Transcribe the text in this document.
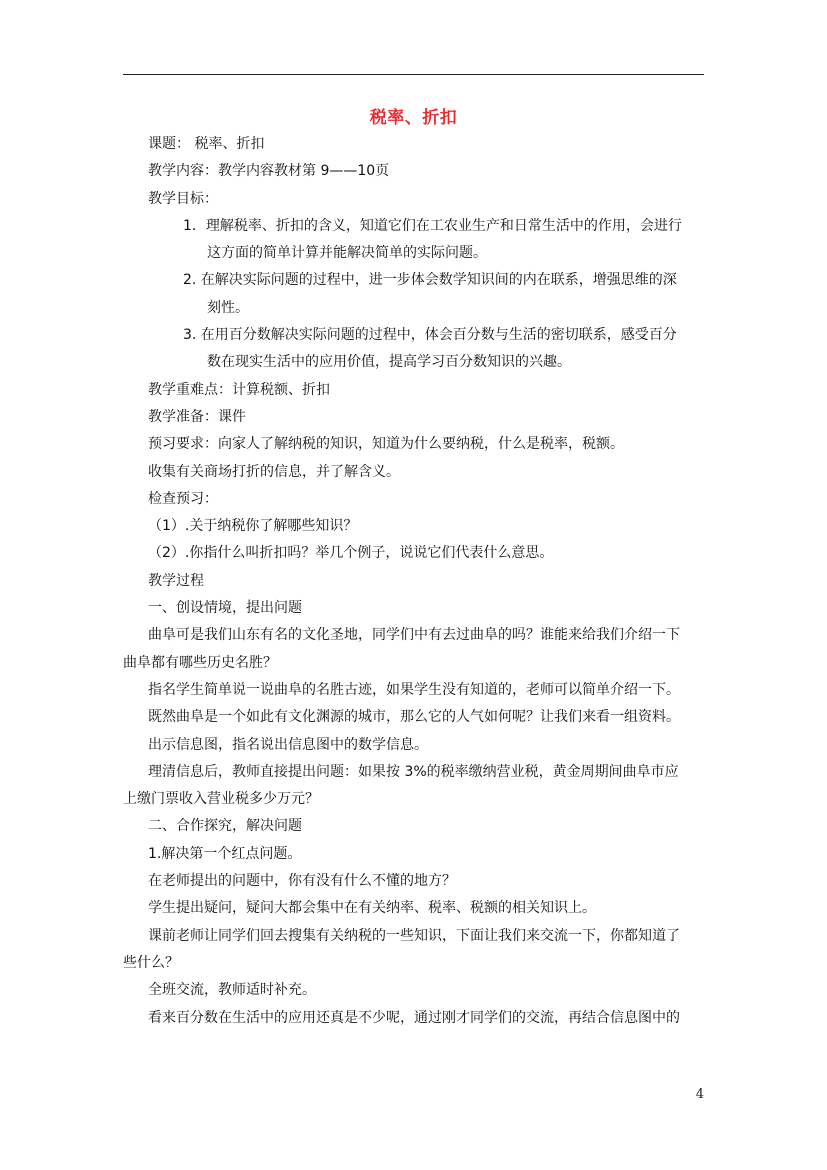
税率、折扣
课题： 税率、折扣
教学内容：教学内容教材第 9——10页
教学目标：
1．理解税率、折扣的含义，知道它们在工农业生产和日常生活中的作用，会进行
这方面的简单计算并能解决简单的实际问题。
2. 在解决实际问题的过程中，进一步体会数学知识间的内在联系，增强思维的深
刻性。
3. 在用百分数解决实际问题的过程中，体会百分数与生活的密切联系，感受百分
数在现实生活中的应用价值，提高学习百分数知识的兴趣。
教学重难点：计算税额、折扣
教学准备：课件
预习要求：向家人了解纳税的知识，知道为什么要纳税，什么是税率，税额。
收集有关商场打折的信息，并了解含义。
检查预习：
（1）.关于纳税你了解哪些知识？
（2）.你指什么叫折扣吗？举几个例子，说说它们代表什么意思。
教学过程
一、创设情境，提出问题
曲阜可是我们山东有名的文化圣地，同学们中有去过曲阜的吗？谁能来给我们介绍一下
曲阜都有哪些历史名胜？
指名学生简单说一说曲阜的名胜古迹，如果学生没有知道的，老师可以简单介绍一下。
既然曲阜是一个如此有文化渊源的城市，那么它的人气如何呢？让我们来看一组资料。
出示信息图，指名说出信息图中的数学信息。
理清信息后，教师直接提出问题：如果按 3%的税率缴纳营业税，黄金周期间曲阜市应
上缴门票收入营业税多少万元？
二、合作探究，解决问题
1.解决第一个红点问题。
在老师提出的问题中，你有没有什么不懂的地方？
学生提出疑问，疑问大都会集中在有关纳率、税率、税额的相关知识上。
课前老师让同学们回去搜集有关纳税的一些知识，下面让我们来交流一下，你都知道了
些什么？
全班交流，教师适时补充。
看来百分数在生活中的应用还真是不少呢，通过刚才同学们的交流，再结合信息图中的
4
